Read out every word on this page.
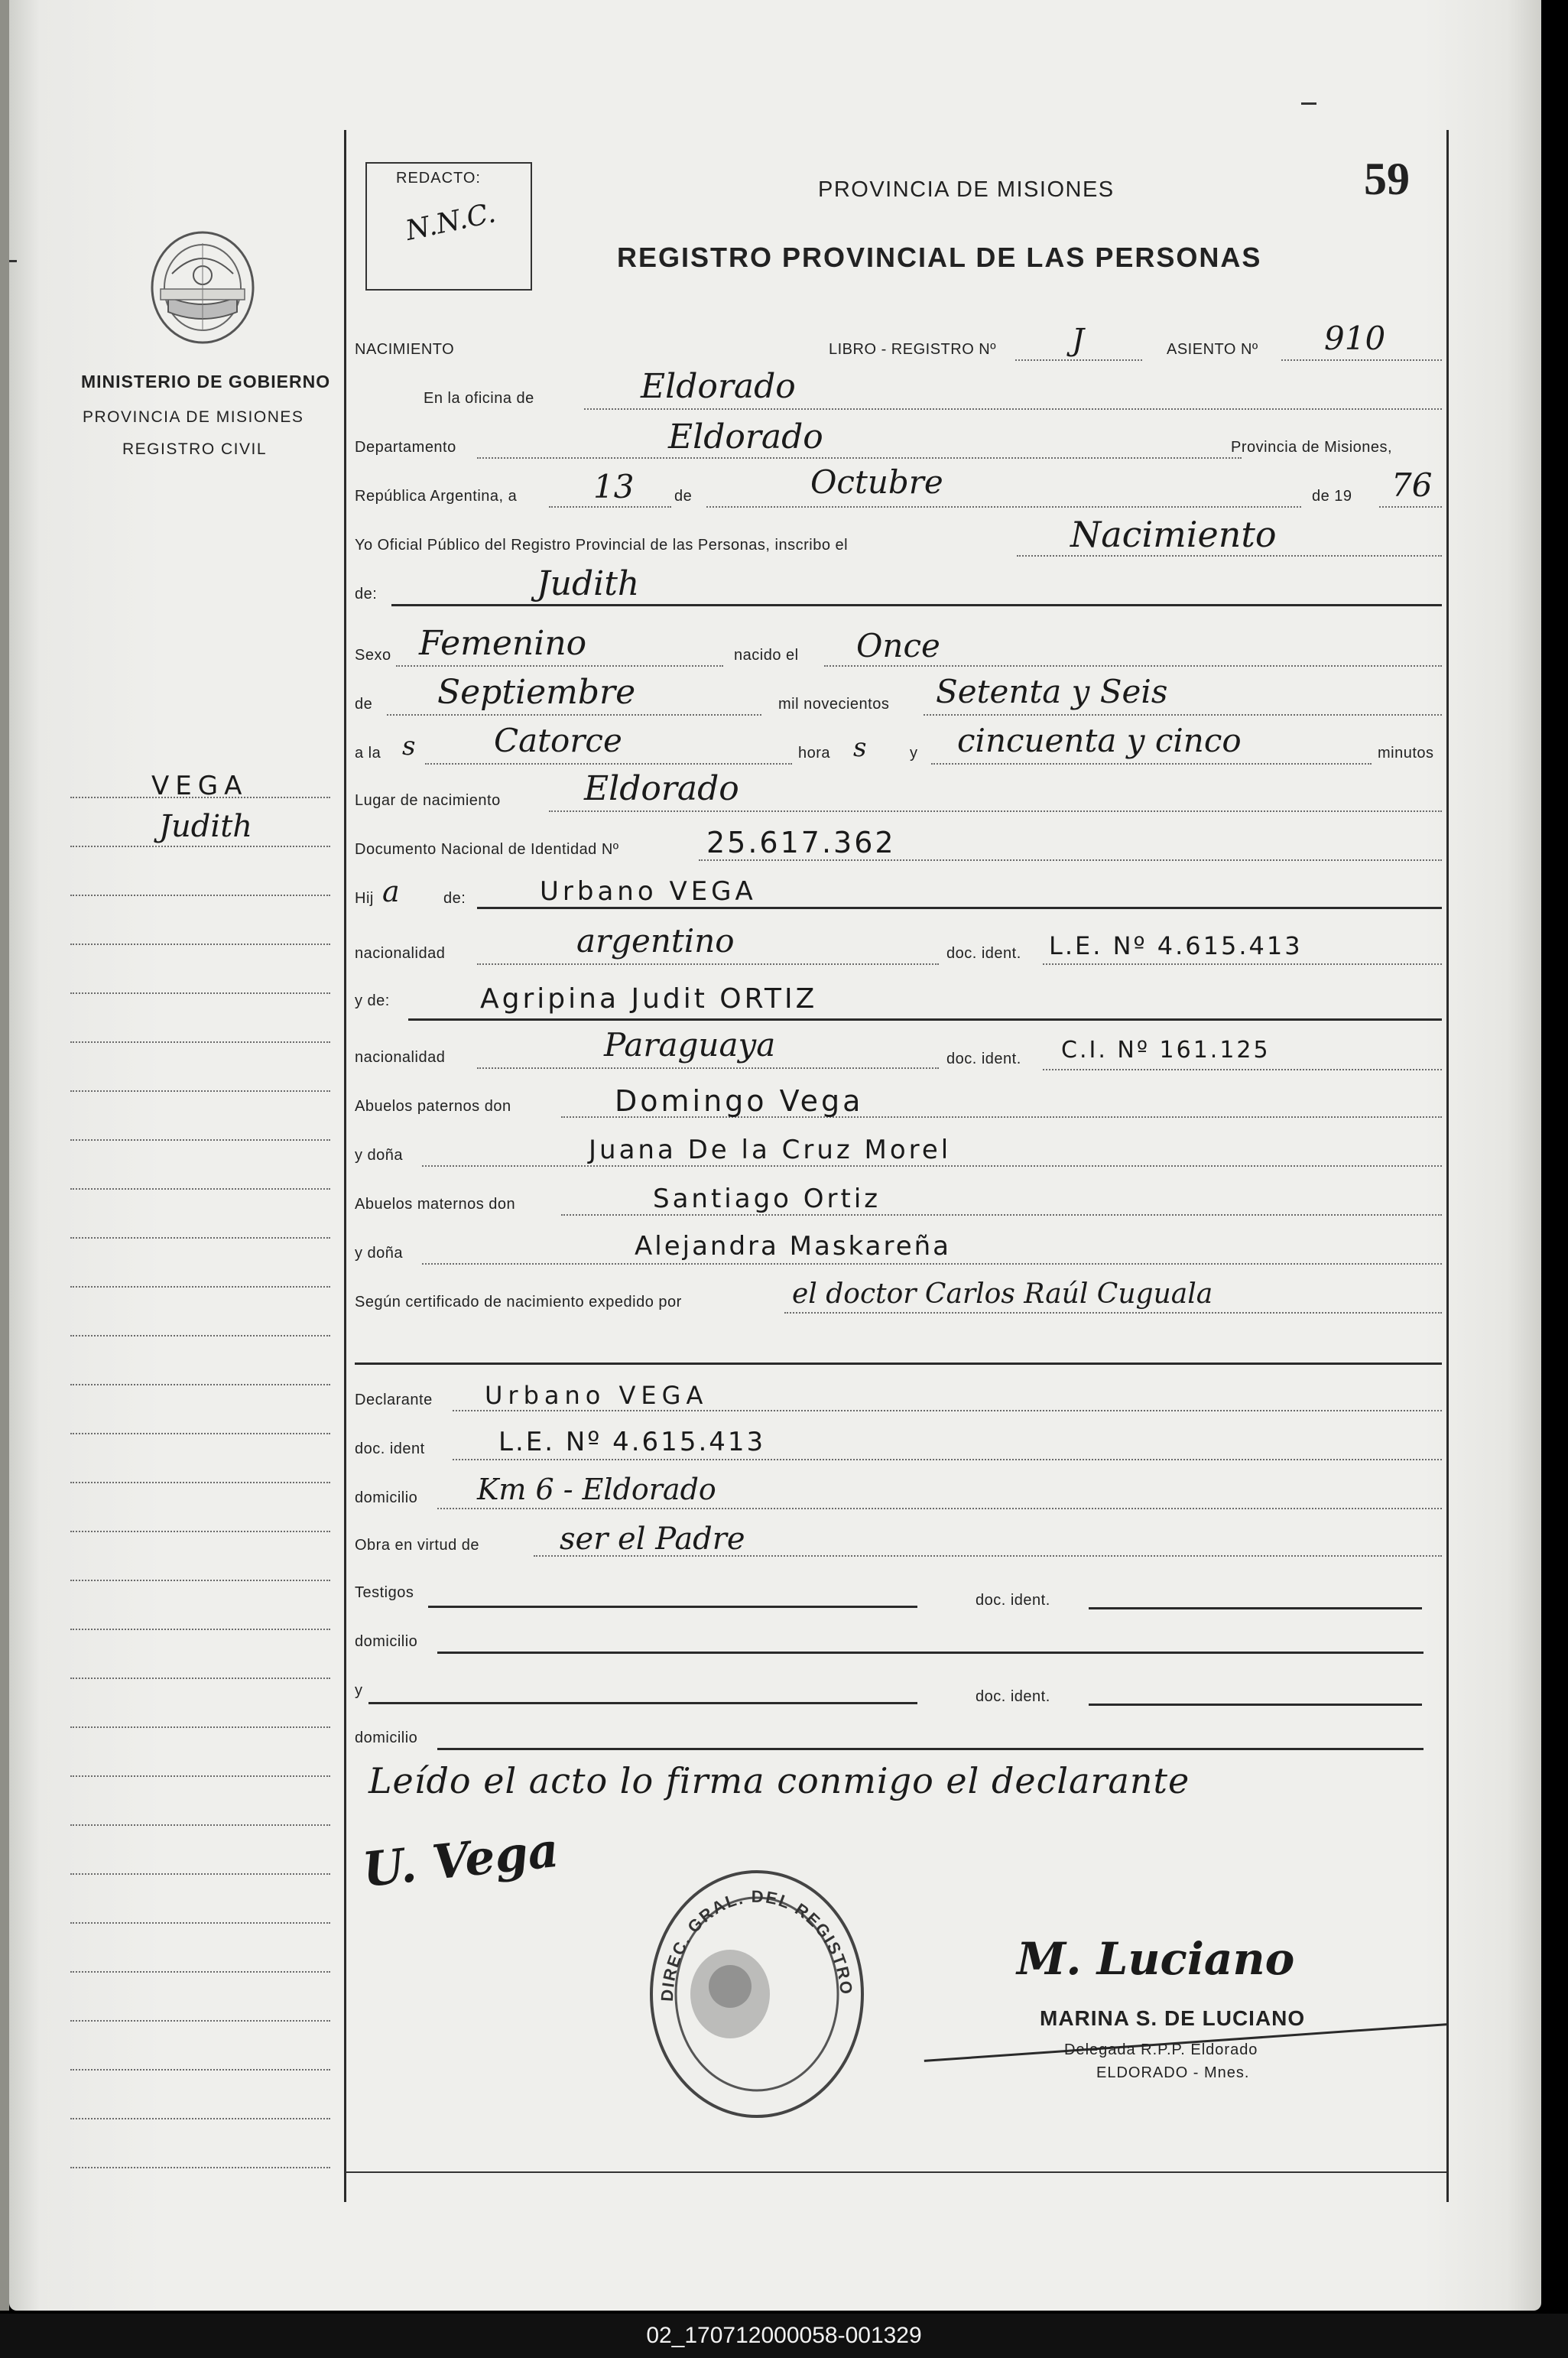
MINISTERIO DE GOBIERNO
PROVINCIA DE MISIONES
REGISTRO CIVIL
VEGA
Judith
REDACTO:
N.N.C.
PROVINCIA DE MISIONES	59
REGISTRO PROVINCIAL DE LAS PERSONAS
NACIMIENTO	LIBRO - REGISTRO Nº J	ASIENTO Nº 910
En la oficina de	Eldorado
Departamento	Eldorado	Provincia de Misiones,
República Argentina, a 13	de	Octubre	de 19 76
Yo Oficial Público del Registro Provincial de las Personas, inscribo el	Nacimiento
de:	Judith
Sexo Femenino	nacido el Once
de Septiembre	mil novecientos Setenta y Seis
a la s Catorce	hora s	y cincuenta y cinco	minutos
Lugar de nacimiento Eldorado
Documento Nacional de Identidad Nº	25.617.362
Hij a	de:	Urbano VEGA
nacionalidad	argentino	doc. ident. L.E. Nº 4.615.413
y de:	Agripina Judit ORTIZ
nacionalidad	Paraguaya	doc. ident. C.I. Nº 161.125
Abuelos paternos don	Domingo Vega
y doña	Juana De la Cruz Morel
Abuelos maternos don	Santiago Ortiz
y doña	Alejandra Maskareña
Según certificado de nacimiento expedido por	el doctor Carlos Raúl Cuguala
Declarante Urbano VEGA
doc. ident	L.E. Nº 4.615.413
domicilio Km 6 - Eldorado
Obra en virtud de	ser el Padre
Testigos	doc. ident.
domicilio
y	doc. ident.
domicilio
Leído el acto lo firma conmigo el declarante
U. Vega
DIREC. GRAL. DEL REGISTRO
M. Luciano
MARINA S. DE LUCIANO
Delegada R.P.P. Eldorado
ELDORADO - Mnes.
02_170712000058-001329
